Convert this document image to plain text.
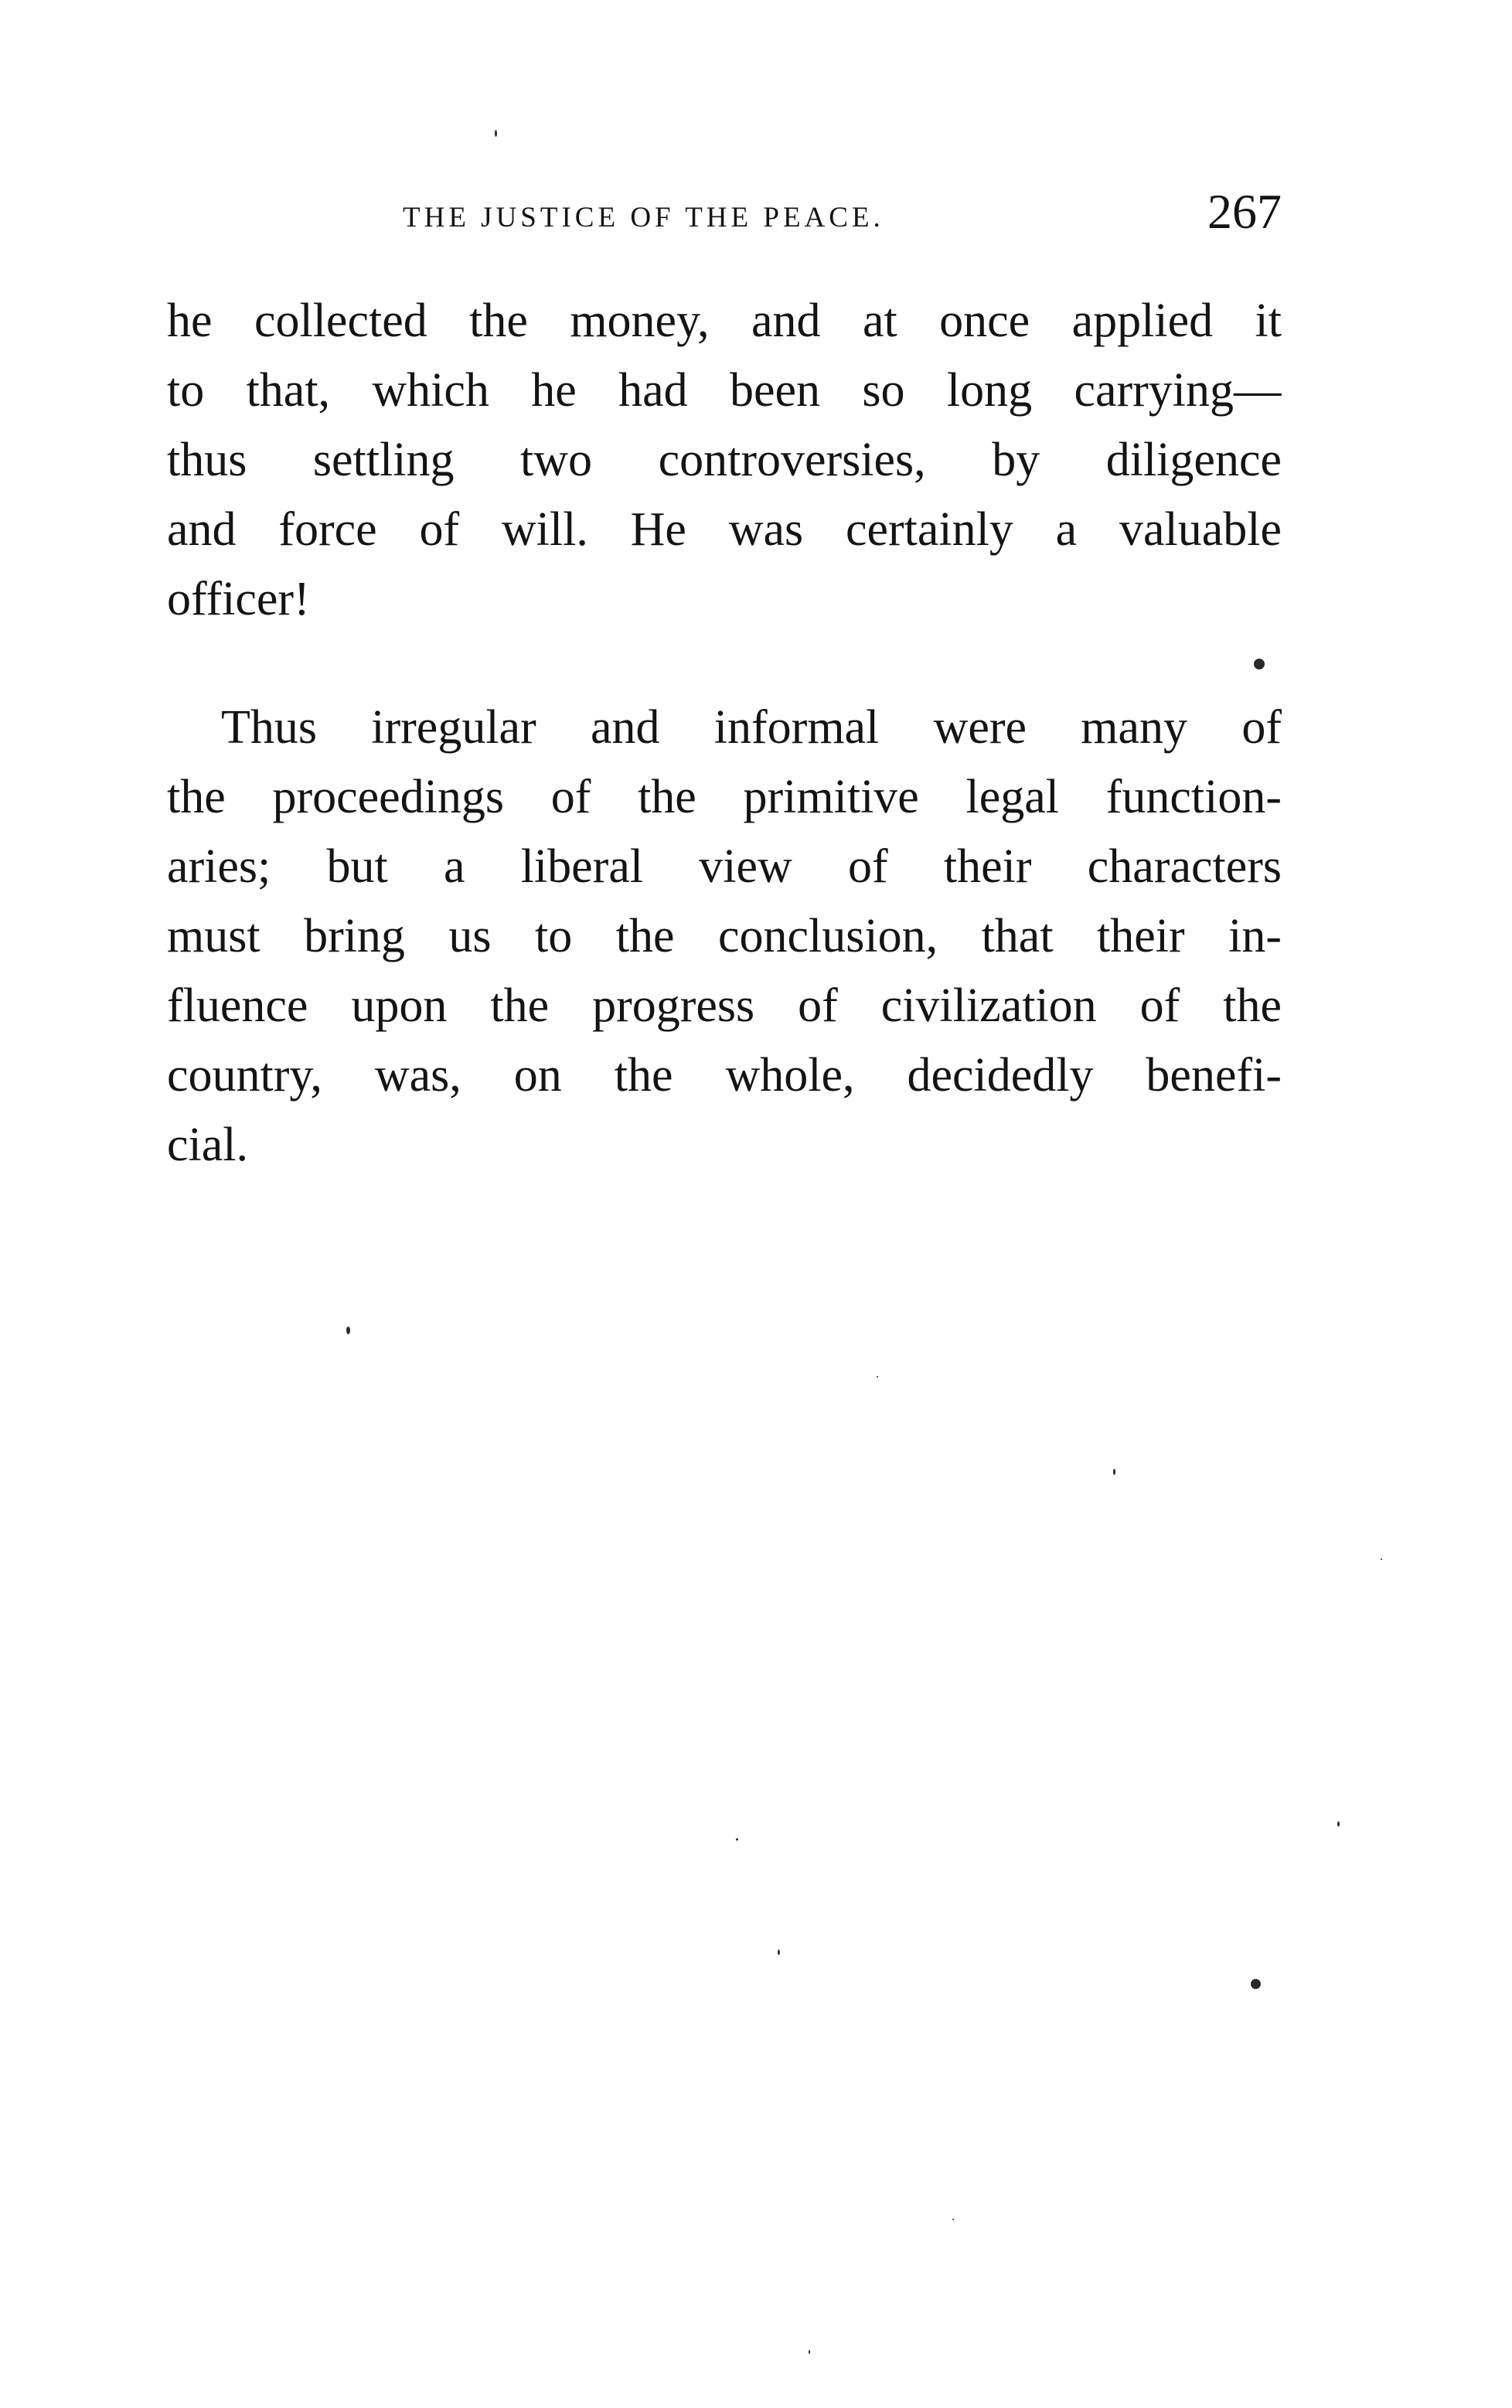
THE JUSTICE OF THE PEACE.	267
he collected the money, and at once applied it
to that, which he had been so long carrying—
thus settling two controversies, by diligence
and force of will. He was certainly a valuable
officer!
Thus irregular and informal were many of
the proceedings of the primitive legal function-
aries; but a liberal view of their characters
must bring us to the conclusion, that their in-
fluence upon the progress of civilization of the
country, was, on the whole, decidedly benefi-
cial.
